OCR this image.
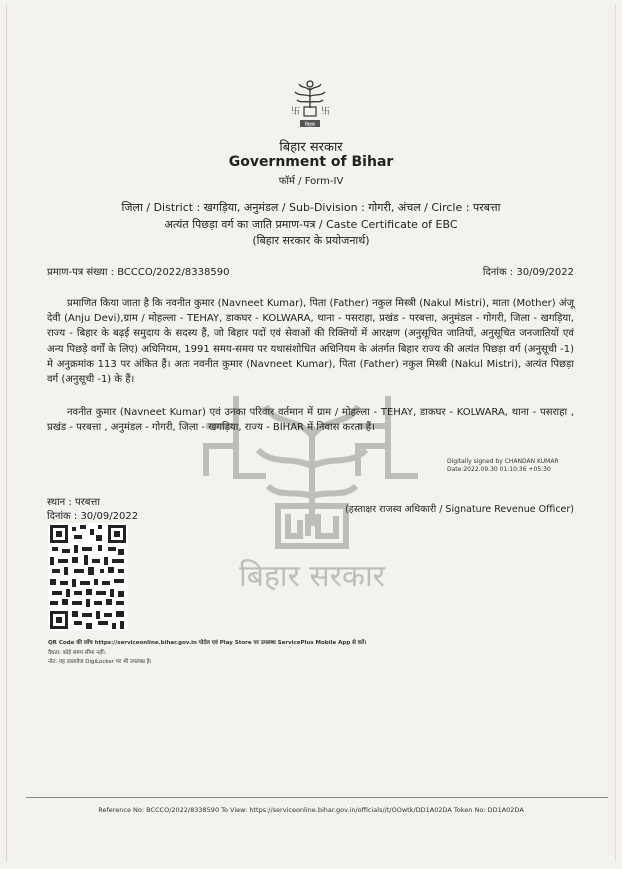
卐 卐
बिहार
बिहार सरकार
Government of Bihar
फॉर्म / Form-IV
जिला / District : खगड़िया, अनुमंडल / Sub-Division : गोगरी, अंचल / Circle : परबत्ता
अत्यंत पिछड़ा वर्ग का जाति प्रमाण-पत्र / Caste Certificate of EBC
(बिहार सरकार के प्रयोजनार्थ)
प्रमाण-पत्र संख्या : BCCCO/2022/8338590	दिनांक : 30/09/2022
बिहार सरकार
प्रमाणित किया जाता है कि नवनीत कुमार (Navneet Kumar), पिता (Father) नकुल मिस्त्री (Nakul Mistri), माता (Mother) अंजू देवी (Anju Devi),ग्राम / मोहल्ला - TEHAY, डाकघर - KOLWARA, थाना - पसराहा, प्रखंड - परबत्ता, अनुमंडल - गोगरी, जिला - खगड़िया, राज्य - बिहार के बढ़ई समुदाय के सदस्य हैं, जो बिहार पदों एवं सेवाओं की रिक्तियों में आरक्षण (अनुसूचित जातियों, अनुसूचित जनजातियों एवं अन्य पिछड़े वर्गों के लिए) अधिनियम, 1991 समय-समय पर यथासंशोधित अधिनियम के अंतर्गत बिहार राज्य की अत्यंत पिछड़ा वर्ग (अनुसूची -1) मे अनुक्रमांक 113 पर अंकित हैं। अतः नवनीत कुमार (Navneet Kumar), पिता (Father) नकुल मिस्त्री (Nakul Mistri), अत्यंत पिछड़ा वर्ग (अनुसूची -1) के हैं।
नवनीत कुमार (Navneet Kumar) एवं उनका परिवार वर्तमान में ग्राम / मोहल्ला - TEHAY, डाकघर - KOLWARA, थाना - पसराहा , प्रखंड - परबत्ता , अनुमंडल - गोगरी, जिला - खगड़िया, राज्य - BIHAR में निवास करता हैं।
Digitally signed by CHANDAN KUMAR
Date:2022.09.30 01:10:36 +05:30
स्थान : परबत्ता
दिनांक : 30/09/2022
(हस्ताक्षर राजस्व अधिकारी / Signature Revenue Officer)
QR Code की जाँच https://serviceonline.bihar.gov.in पोर्टल एवं Play Store पर उपलब्ध ServicePlus Mobile App से करें।
वैधता: कोई समय सीमा नहीं।
नोट: यह दस्तावेज DigiLocker पर भी उपलब्ध है।
Reference No: BCCCO/2022/8338590 To View: https://serviceonline.bihar.gov.in/officials//t/OOwtk/DD1A02DA Token No: DD1A02DA
